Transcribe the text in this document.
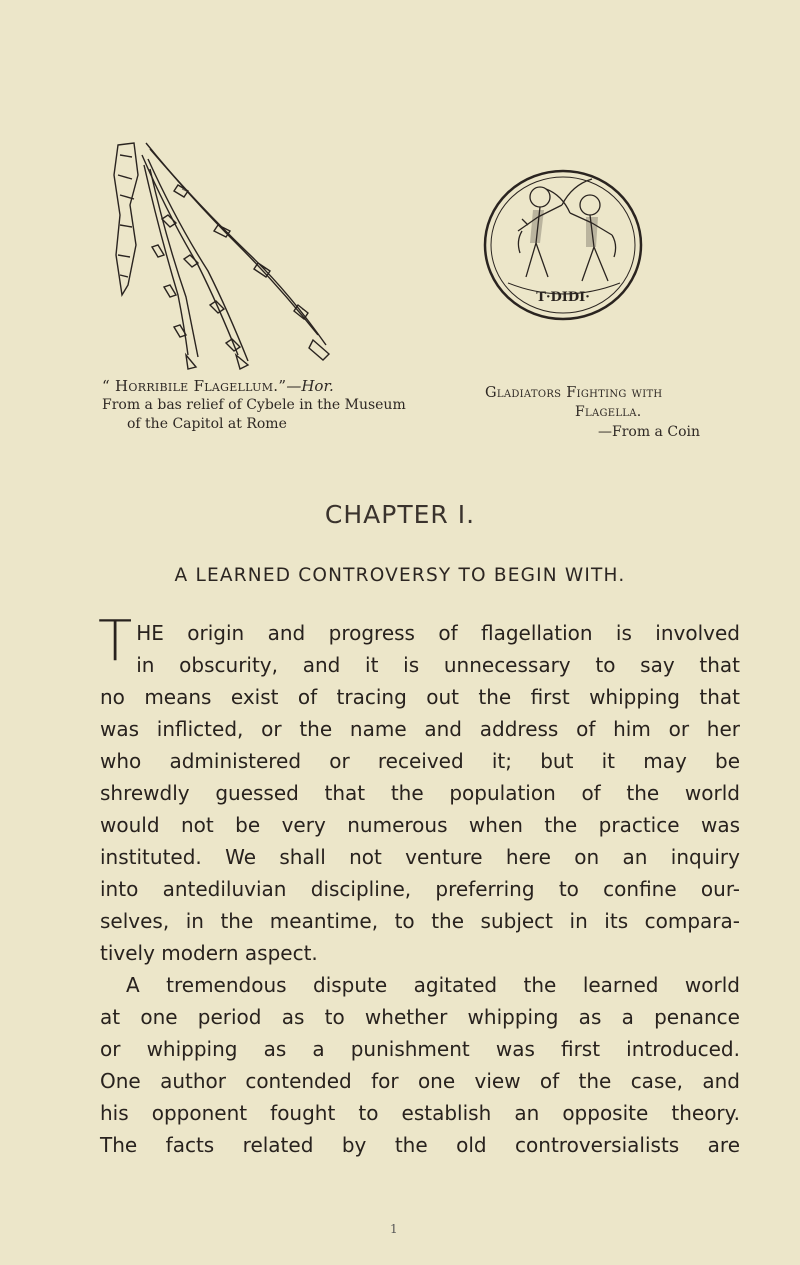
T·DIDI·
“ Horribile Flagellum.”—Hor.
From a bas relief of Cybele in the Museum
of the Capitol at Rome
Gladiators Fighting with
Flagella.
—From a Coin
CHAPTER I.
A LEARNED CONTROVERSY TO BEGIN WITH.
T HE origin and progress of flagellation is involved
in obscurity, and it is unnecessary to say that
no means exist of tracing out the first whipping that
was inflicted, or the name and address of him or her
who administered or received it; but it may be
shrewdly guessed that the population of the world
would not be very numerous when the practice was
instituted. We shall not venture here on an inquiry
into antediluvian discipline, preferring to confine our-
selves, in the meantime, to the subject in its compara-
tively modern aspect.
A tremendous dispute agitated the learned world
at one period as to whether whipping as a penance
or whipping as a punishment was first introduced.
One author contended for one view of the case, and
his opponent fought to establish an opposite theory.
The facts related by the old controversialists are
1
